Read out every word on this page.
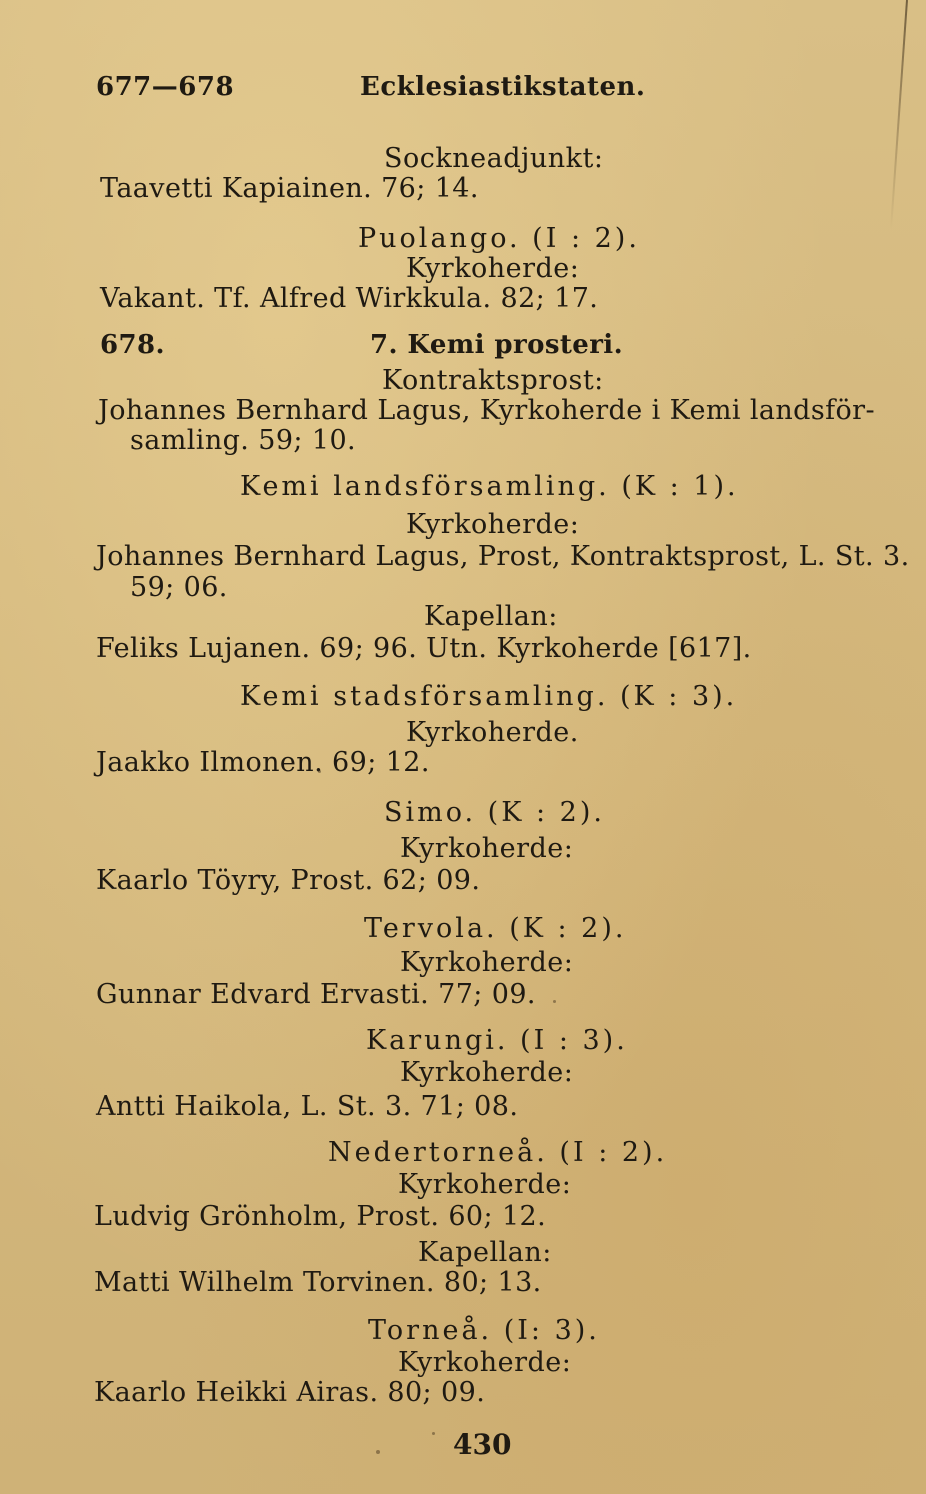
677—678	Ecklesiastikstaten.
Sockneadjunkt:
Taavetti Kapiainen. 76; 14.
Puolango. (I : 2).
Kyrkoherde:
Vakant. Tf. Alfred Wirkkula. 82; 17.
678.	7. Kemi prosteri.
Kontraktsprost:
Johannes Bernhard Lagus, Kyrkoherde i Kemi landsför-
samling. 59; 10.
Kemi landsförsamling. (K : 1).
Kyrkoherde:
Johannes Bernhard Lagus, Prost, Kontraktsprost, L. St. 3.
59; 06.
Kapellan:
Feliks Lujanen. 69; 96. Utn. Kyrkoherde [617].
Kemi stadsförsamling. (K : 3).
Kyrkoherde.
Jaakko Ilmonen. 69; 12.
Simo. (K : 2).
Kyrkoherde:
Kaarlo Töyry, Prost. 62; 09.
Tervola. (K : 2).
Kyrkoherde:
Gunnar Edvard Ervasti. 77; 09.
Karungi. (I : 3).
Kyrkoherde:
Antti Haikola, L. St. 3. 71; 08.
Nedertorneå. (I : 2).
Kyrkoherde:
Ludvig Grönholm, Prost. 60; 12.
Kapellan:
Matti Wilhelm Torvinen. 80; 13.
Torneå. (I: 3).
Kyrkoherde:
Kaarlo Heikki Airas. 80; 09.
430
